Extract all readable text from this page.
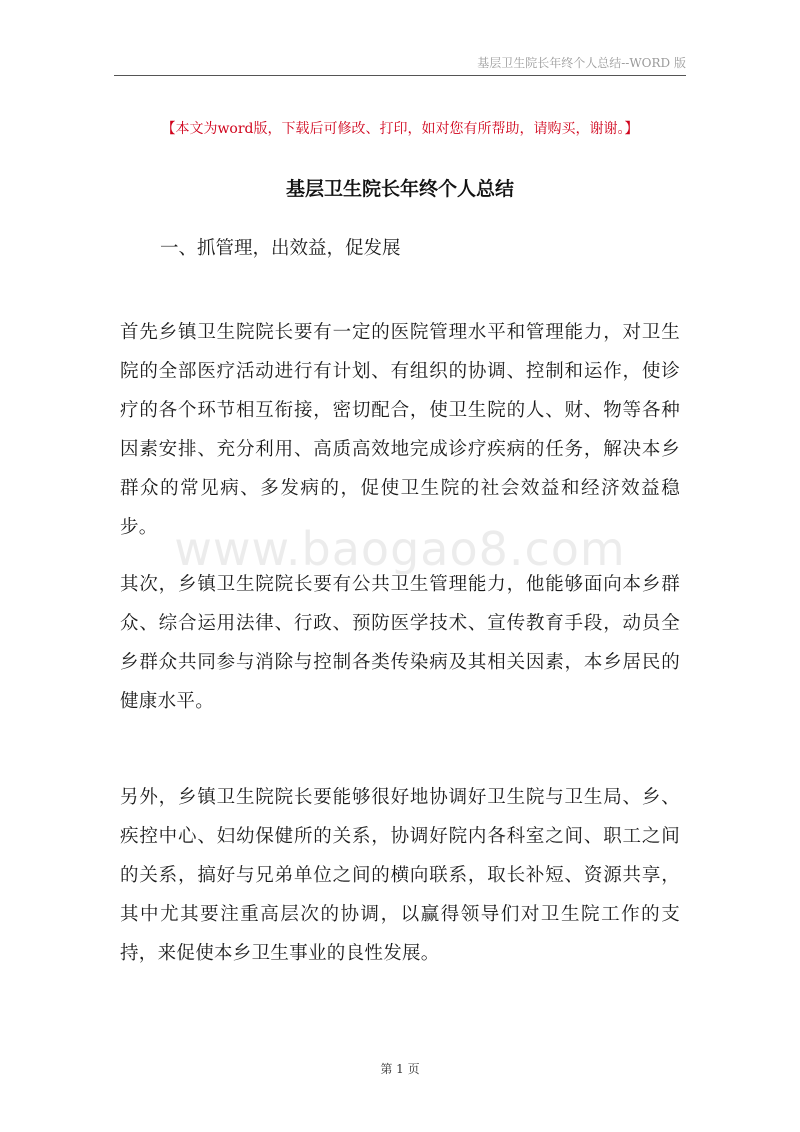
基层卫生院长年终个人总结--WORD 版
【本文为word版，下载后可修改、打印，如对您有所帮助，请购买，谢谢。】
基层卫生院长年终个人总结
一、抓管理，出效益，促发展

首先乡镇卫生院院长要有一定的医院管理水平和管理能力，对卫生院的全部医疗活动进行有计划、有组织的协调、控制和运作，使诊疗的各个环节相互衔接，密切配合，使卫生院的人、财、物等各种因素安排、充分利用、高质高效地完成诊疗疾病的任务，解决本乡群众的常见病、多发病的，促使卫生院的社会效益和经济效益稳步。 www.baogao8.com

其次，乡镇卫生院院长要有公共卫生管理能力，他能够面向本乡群众、综合运用法律、行政、预防医学技术、宣传教育手段，动员全乡群众共同参与消除与控制各类传染病及其相关因素，本乡居民的健康水平。

另外，乡镇卫生院院长要能够很好地协调好卫生院与卫生局、乡、疾控中心、妇幼保健所的关系，协调好院内各科室之间、职工之间的关系，搞好与兄弟单位之间的横向联系，取长补短、资源共享，其中尤其要注重高层次的协调，以赢得领导们对卫生院工作的支持，来促使本乡卫生事业的良性发展。

第 1 页
